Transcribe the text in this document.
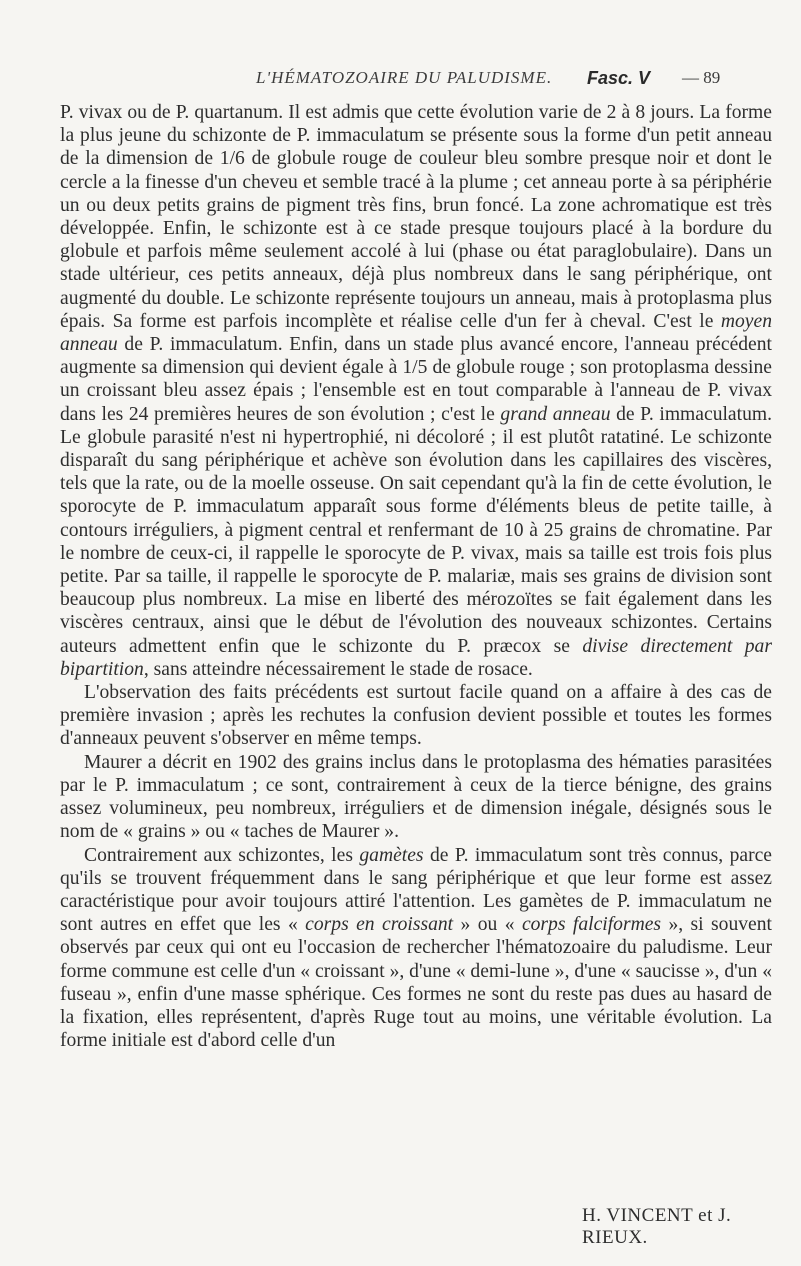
L'HÉMATOZOAIRE DU PALUDISME. Fasc. V — 89

P. vivax ou de P. quartanum. Il est admis que cette évolution varie de 2 à 8 jours. La forme la plus jeune du schizonte de P. immaculatum se présente sous la forme d'un petit anneau de la dimension de 1/6 de globule rouge de couleur bleu sombre presque noir et dont le cercle a la finesse d'un cheveu et semble tracé à la plume ; cet anneau porte à sa périphérie un ou deux petits grains de pigment très fins, brun foncé. La zone achromatique est très développée. Enfin, le schizonte est à ce stade presque toujours placé à la bordure du globule et parfois même seulement accolé à lui (phase ou état paraglobulaire). Dans un stade ultérieur, ces petits anneaux, déjà plus nombreux dans le sang périphérique, ont augmenté du double. Le schizonte représente toujours un anneau, mais à protoplasma plus épais. Sa forme est parfois incomplète et réalise celle d'un fer à cheval. C'est le moyen anneau de P. immaculatum. Enfin, dans un stade plus avancé encore, l'anneau précédent augmente sa dimension qui devient égale à 1/5 de globule rouge ; son protoplasma dessine un croissant bleu assez épais ; l'ensemble est en tout comparable à l'anneau de P. vivax dans les 24 premières heures de son évolution ; c'est le grand anneau de P. immaculatum. Le globule parasité n'est ni hypertrophié, ni décoloré ; il est plutôt ratatiné. Le schizonte disparaît du sang périphérique et achève son évolution dans les capillaires des viscères, tels que la rate, ou de la moelle osseuse. On sait cependant qu'à la fin de cette évolution, le sporocyte de P. immaculatum apparaît sous forme d'éléments bleus de petite taille, à contours irréguliers, à pigment central et renfermant de 10 à 25 grains de chromatine. Par le nombre de ceux-ci, il rappelle le sporocyte de P. vivax, mais sa taille est trois fois plus petite. Par sa taille, il rappelle le sporocyte de P. malariæ, mais ses grains de division sont beaucoup plus nombreux. La mise en liberté des mérozoïtes se fait également dans les viscères centraux, ainsi que le début de l'évolution des nouveaux schizontes. Certains auteurs admettent enfin que le schizonte du P. præcox se divise directement par bipartition, sans atteindre nécessairement le stade de rosace.

L'observation des faits précédents est surtout facile quand on a affaire à des cas de première invasion ; après les rechutes la confusion devient possible et toutes les formes d'anneaux peuvent s'observer en même temps.

Maurer a décrit en 1902 des grains inclus dans le protoplasma des hématies parasitées par le P. immaculatum ; ce sont, contrairement à ceux de la tierce bénigne, des grains assez volumineux, peu nombreux, irréguliers et de dimension inégale, désignés sous le nom de « grains » ou « taches de Maurer ».

Contrairement aux schizontes, les gamètes de P. immaculatum sont très connus, parce qu'ils se trouvent fréquemment dans le sang périphérique et que leur forme est assez caractéristique pour avoir toujours attiré l'attention. Les gamètes de P. immaculatum ne sont autres en effet que les « corps en croissant » ou « corps falciformes », si souvent observés par ceux qui ont eu l'occasion de rechercher l'hématozoaire du paludisme. Leur forme commune est celle d'un « croissant », d'une « demi-lune », d'une « saucisse », d'un « fuseau », enfin d'une masse sphérique. Ces formes ne sont du reste pas dues au hasard de la fixation, elles représentent, d'après Ruge tout au moins, une véritable évolution. La forme initiale est d'abord celle d'un

H. VINCENT et J. RIEUX.
